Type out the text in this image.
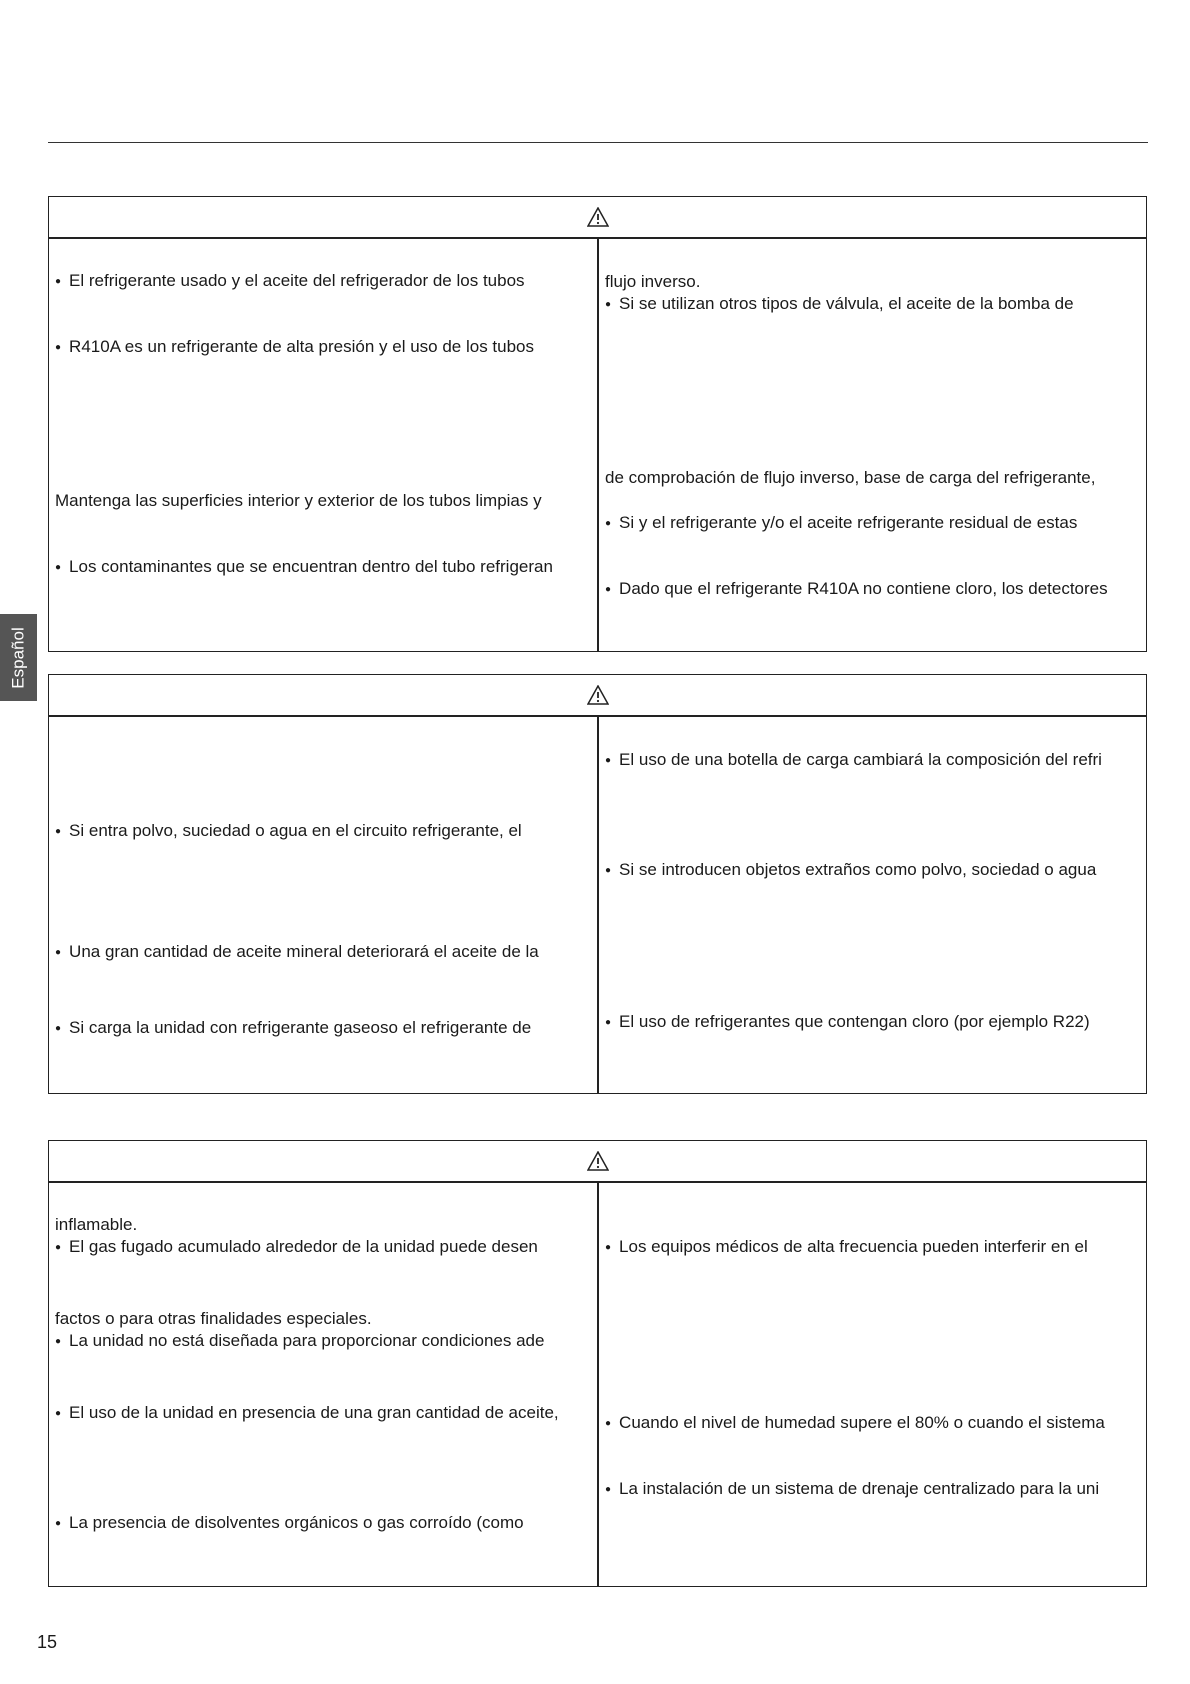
Español
● El refrigerante usado y el aceite del refrigerador de los tubos
● R410A es un refrigerante de alta presión y el uso de los tubos
Mantenga las superficies interior y exterior de los tubos limpias y
● Los contaminantes que se encuentran dentro del tubo refrigeran
flujo inverso.
● Si se utilizan otros tipos de válvula, el aceite de la bomba de
de comprobación de flujo inverso, base de carga del refrigerante,
● Si y el refrigerante y/o el aceite refrigerante residual de estas
● Dado que el refrigerante R410A no contiene cloro, los detectores
● Si entra polvo, suciedad o agua en el circuito refrigerante, el
● Una gran cantidad de aceite mineral deteriorará el aceite de la
● Si carga la unidad con refrigerante gaseoso el refrigerante de
● El uso de una botella de carga cambiará la composición del refri
● Si se introducen objetos extraños como polvo, sociedad o agua
● El uso de refrigerantes que contengan cloro (por ejemplo R22)
inflamable.
● El gas fugado acumulado alrededor de la unidad puede desen
factos o para otras finalidades especiales.
● La unidad no está diseñada para proporcionar condiciones ade
● El uso de la unidad en presencia de una gran cantidad de aceite,
● La presencia de disolventes orgánicos o gas corroído (como
● Los equipos médicos de alta frecuencia pueden interferir en el
● Cuando el nivel de humedad supere el 80% o cuando el sistema
● La instalación de un sistema de drenaje centralizado para la uni
15
